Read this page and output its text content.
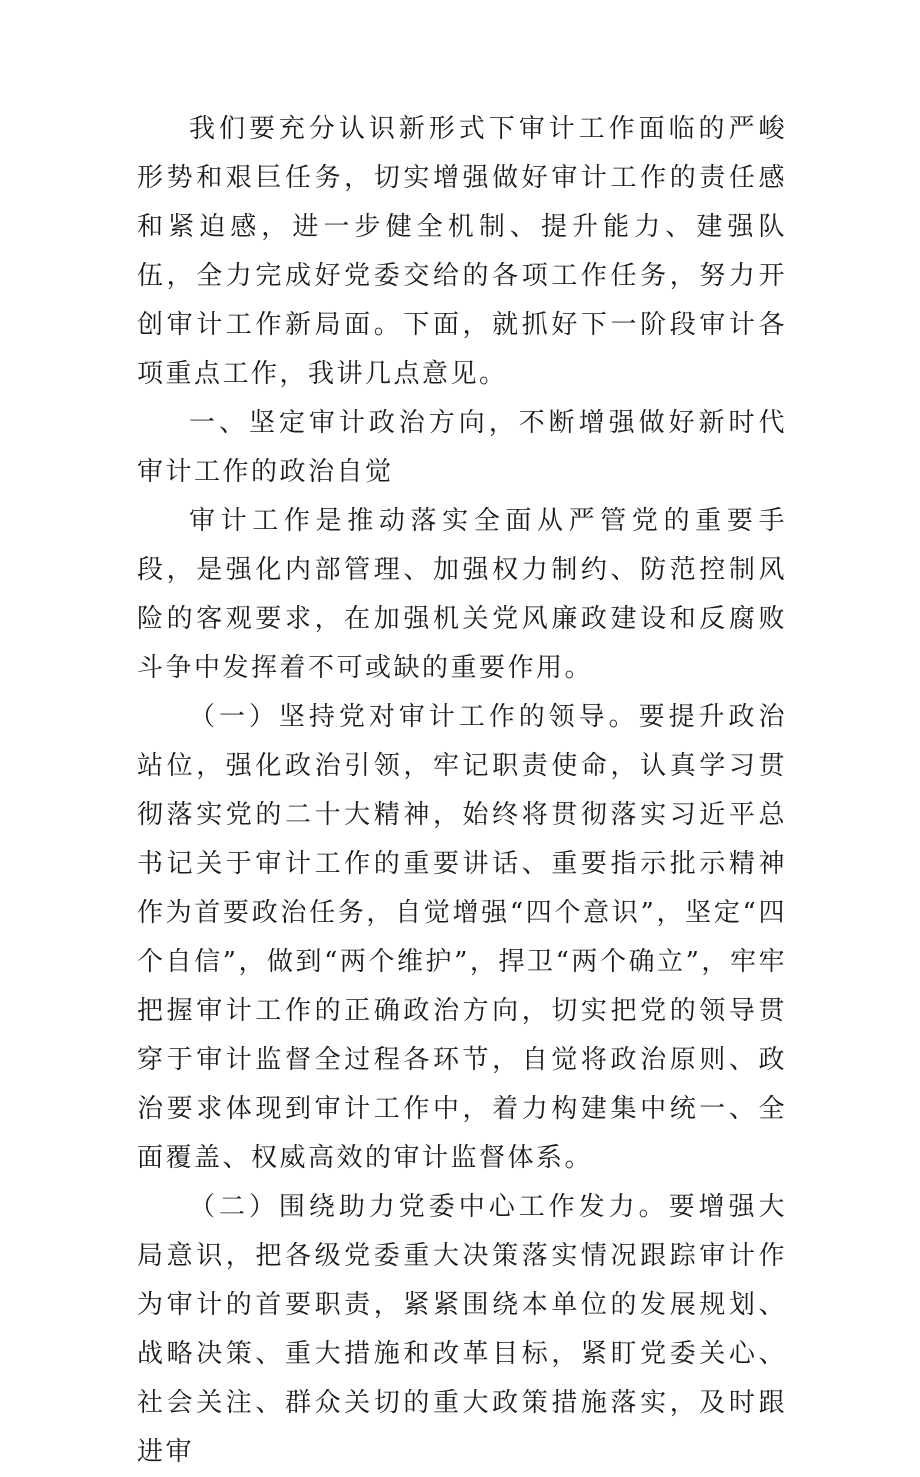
我们要充分认识新形式下审计工作面临的严峻形势和艰巨任务，切实增强做好审计工作的责任感和紧迫感，进一步健全机制、提升能力、建强队伍，全力完成好党委交给的各项工作任务，努力开创审计工作新局面。下面，就抓好下一阶段审计各项重点工作，我讲几点意见。

一、坚定审计政治方向，不断增强做好新时代审计工作的政治自觉

审计工作是推动落实全面从严管党的重要手段，是强化内部管理、加强权力制约、防范控制风险的客观要求，在加强机关党风廉政建设和反腐败斗争中发挥着不可或缺的重要作用。

（一）坚持党对审计工作的领导。要提升政治站位，强化政治引领，牢记职责使命，认真学习贯彻落实党的二十大精神，始终将贯彻落实习近平总书记关于审计工作的重要讲话、重要指示批示精神作为首要政治任务，自觉增强“四个意识”，坚定“四个自信”，做到“两个维护”，捍卫“两个确立”，牢牢把握审计工作的正确政治方向，切实把党的领导贯穿于审计监督全过程各环节，自觉将政治原则、政治要求体现到审计工作中，着力构建集中统一、全面覆盖、权威高效的审计监督体系。

（二）围绕助力党委中心工作发力。要增强大局意识，把各级党委重大决策落实情况跟踪审计作为审计的首要职责，紧紧围绕本单位的发展规划、战略决策、重大措施和改革目标，紧盯党委关心、社会关注、群众关切的重大政策措施落实，及时跟进审
